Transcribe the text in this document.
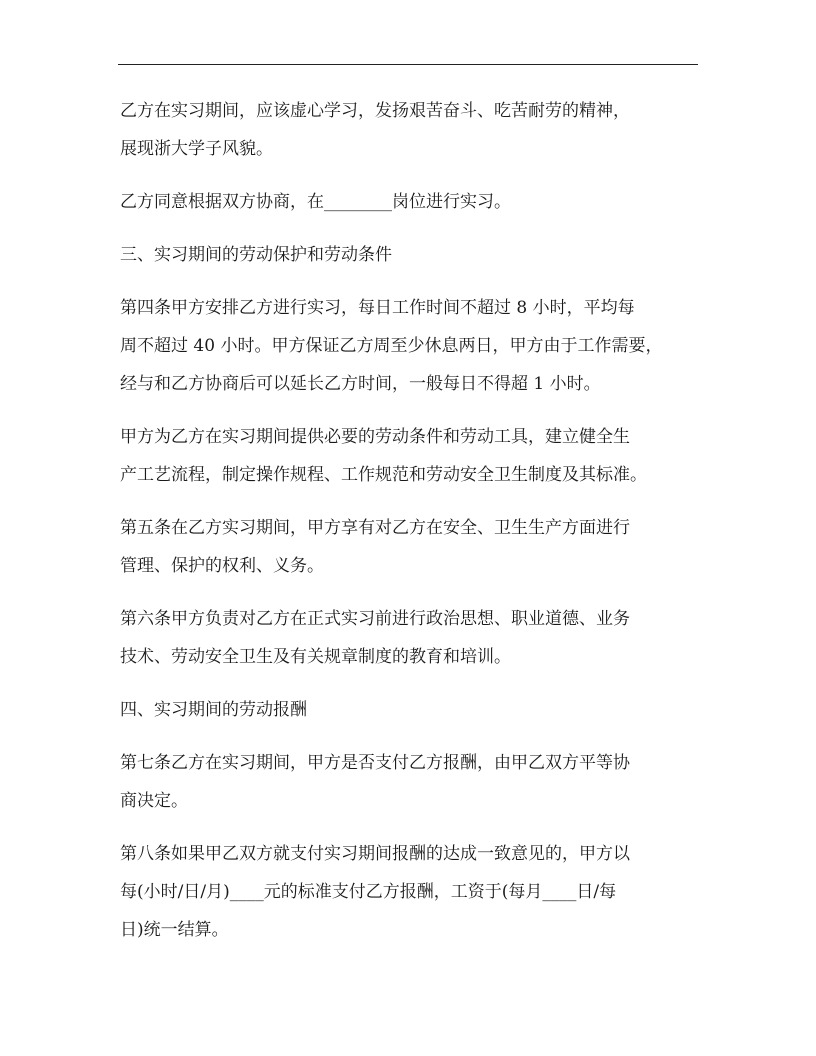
乙方在实习期间，应该虚心学习，发扬艰苦奋斗、吃苦耐劳的精神，
展现浙大学子风貌。
乙方同意根据双方协商，在________岗位进行实习。
三、实习期间的劳动保护和劳动条件
第四条甲方安排乙方进行实习，每日工作时间不超过 8 小时，平均每
周不超过 40 小时。甲方保证乙方周至少休息两日，甲方由于工作需要，
经与和乙方协商后可以延长乙方时间，一般每日不得超 1 小时。
甲方为乙方在实习期间提供必要的劳动条件和劳动工具，建立健全生
产工艺流程，制定操作规程、工作规范和劳动安全卫生制度及其标准。
第五条在乙方实习期间，甲方享有对乙方在安全、卫生生产方面进行
管理、保护的权利、义务。
第六条甲方负责对乙方在正式实习前进行政治思想、职业道德、业务
技术、劳动安全卫生及有关规章制度的教育和培训。
四、实习期间的劳动报酬
第七条乙方在实习期间，甲方是否支付乙方报酬，由甲乙双方平等协
商决定。
第八条如果甲乙双方就支付实习期间报酬的达成一致意见的，甲方以
每(小时/日/月)____元的标准支付乙方报酬，工资于(每月____日/每
日)统一结算。
